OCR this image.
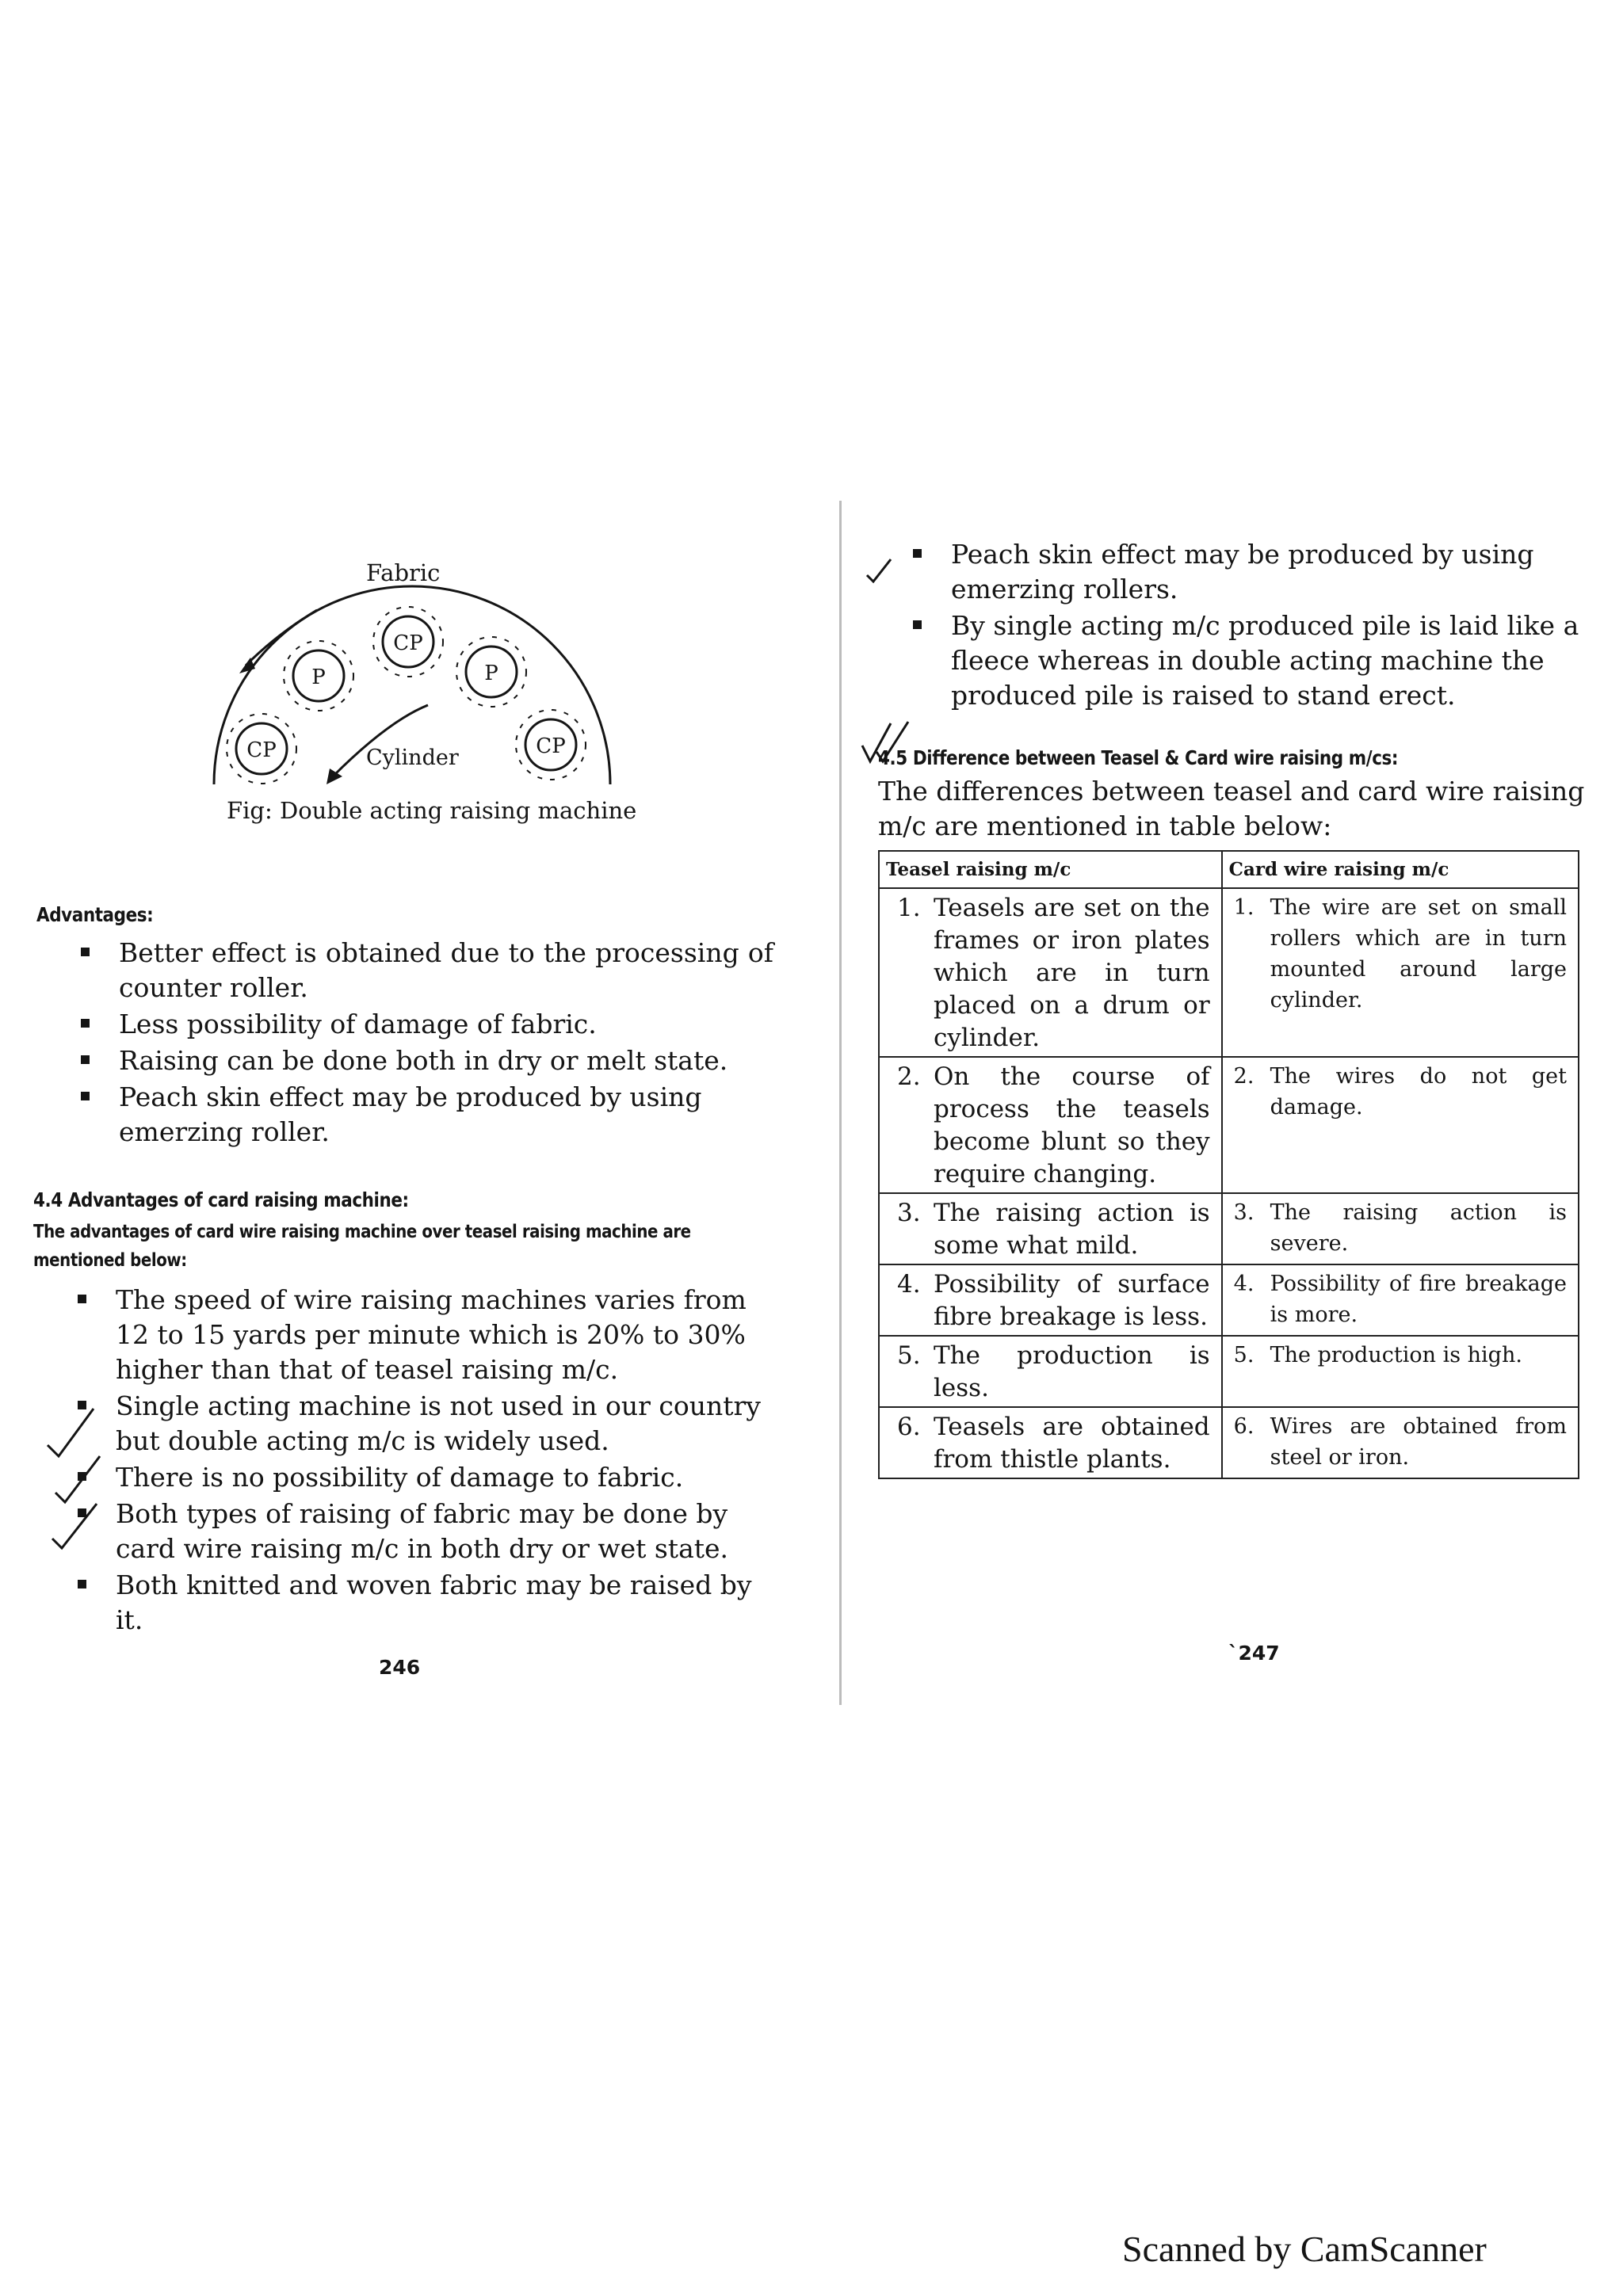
CP
P
CP
P
CP
Cylinder
Fabric
Fig: Double acting raising machine
Advantages:
Better effect is obtained due to the processing of counter roller.
Less possibility of damage of fabric.
Raising can be done both in dry or melt state.
Peach skin effect may be produced by using emerzing roller.
4.4 Advantages of card raising machine:
The advantages of card wire raising machine over teasel raising machine are mentioned below:
The speed of wire raising machines varies from 12 to 15 yards per minute which is 20% to 30% higher than that of teasel raising m/c.
Single acting machine is not used in our country but double acting m/c is widely used.
There is no possibility of damage to fabric.
Both types of raising of fabric may be done by card wire raising m/c in both dry or wet state.
Both knitted and woven fabric may be raised by it.
246
Peach skin effect may be produced by using emerzing rollers.
By single acting m/c produced pile is laid like a fleece whereas in double acting machine the produced pile is raised to stand erect.
4.5 Difference between Teasel & Card wire raising m/cs:
The differences between teasel and card wire raising m/c are mentioned in table below:
Teasel raising m/c	Card wire raising m/c

1. Teasels are set on the frames or iron plates which are in turn placed on a drum or cylinder.	1. The wire are set on small rollers which are in turn mounted around large cylinder.

2. On the course of process the teasels become blunt so they require changing.	2. The wires do not get damage.

3. The raising action is some what mild.	3. The raising action is severe.

4. Possibility of surface fibre breakage is less.	4. Possibility of fire breakage is more.

5. The production is less.	5. The production is high.

6. Teasels are obtained from thistle plants.	6. Wires are obtained from steel or iron.
`247
Scanned by CamScanner
